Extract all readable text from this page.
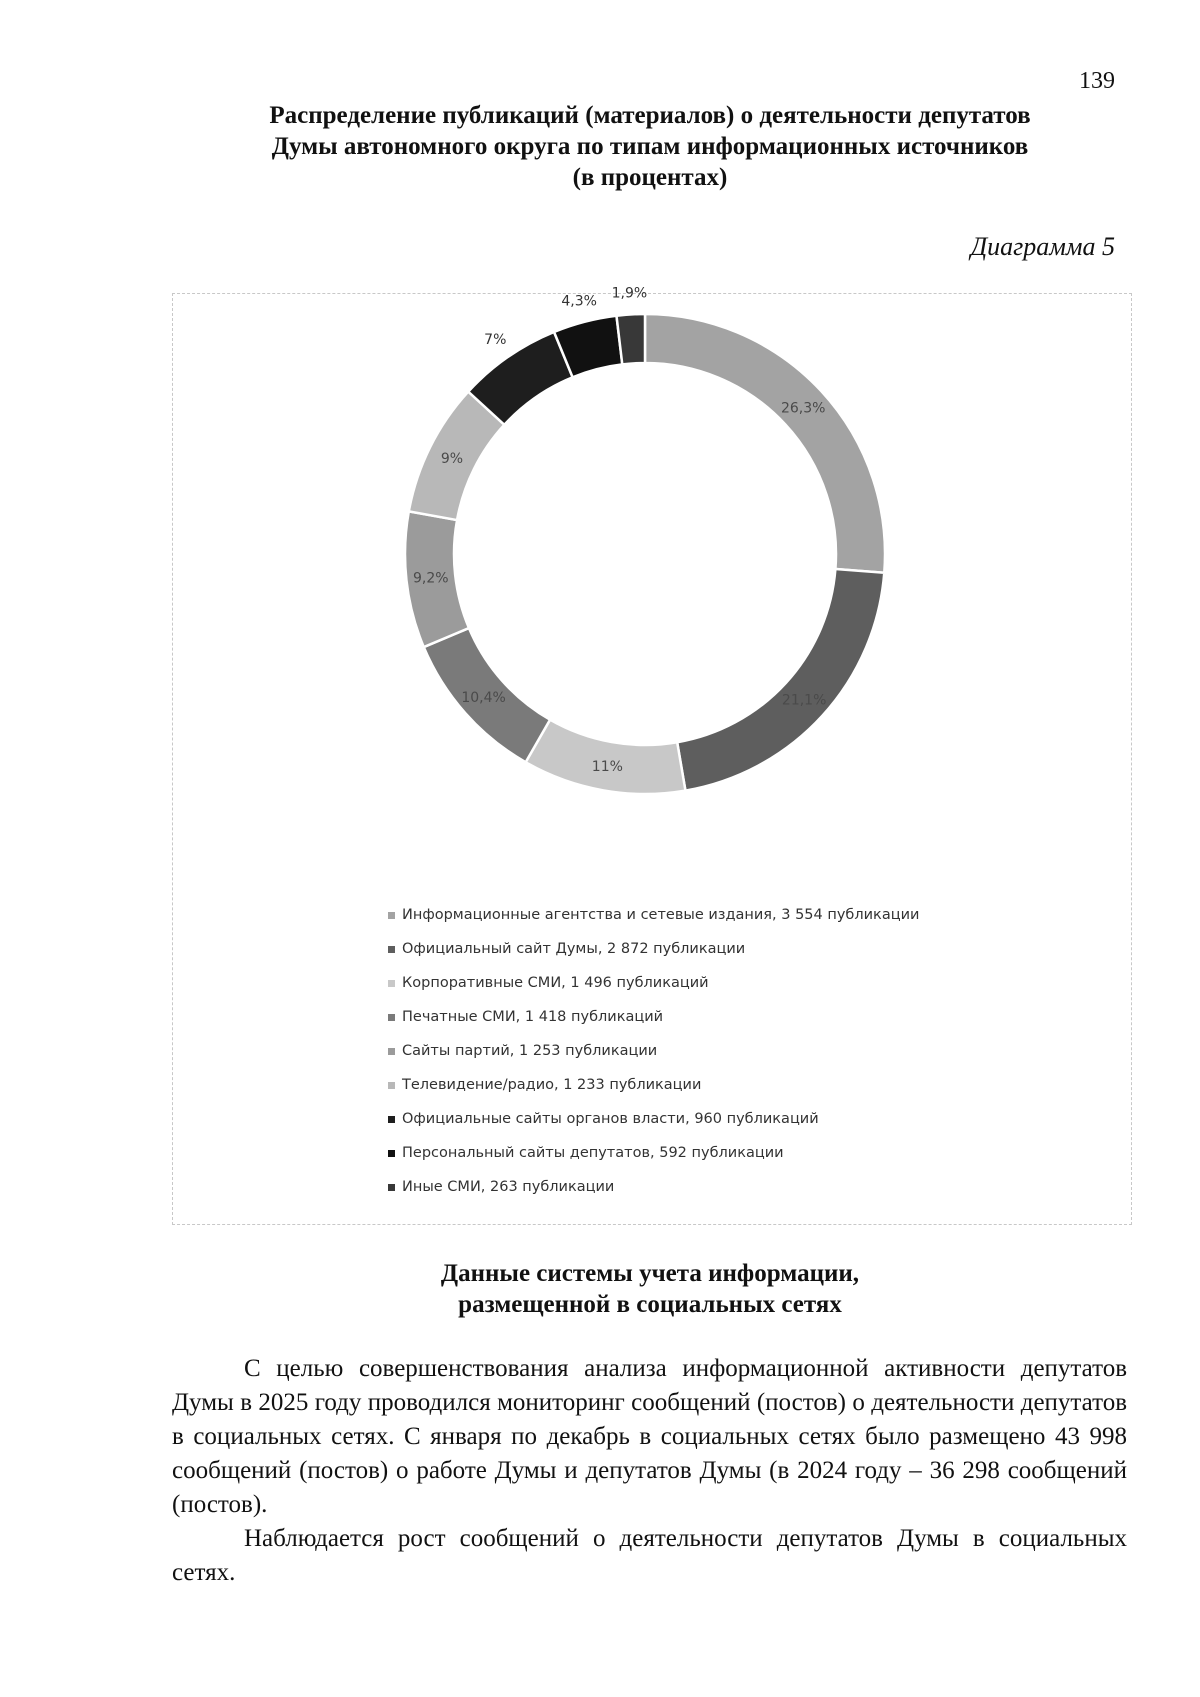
139
Распределение публикаций (материалов) о деятельности депутатов
Думы автономного округа по типам информационных источников
(в процентах)
Диаграмма 5
26,3%
21,1%
11%
10,4%
9,2%
9%
7%
4,3% 1,9%
Информационные агентства и сетевые издания, 3 554 публикации
Официальный сайт Думы, 2 872 публикации
Корпоративные СМИ, 1 496 публикаций
Печатные СМИ, 1 418 публикаций
Сайты партий, 1 253 публикации
Телевидение/радио, 1 233 публикации
Официальные сайты органов власти, 960 публикаций
Персональный сайты депутатов, 592 публикации
Иные СМИ, 263 публикации
Данные системы учета информации,
размещенной в социальных сетях

С целью совершенствования анализа информационной активности депутатов Думы в 2025 году проводился мониторинг сообщений (постов) о деятельности депутатов в социальных сетях. С января по декабрь в социальных сетях было размещено 43 998 сообщений (постов) о работе Думы и депутатов Думы (в 2024 году – 36 298 сообщений (постов).

Наблюдается рост сообщений о деятельности депутатов Думы в социальных сетях.
